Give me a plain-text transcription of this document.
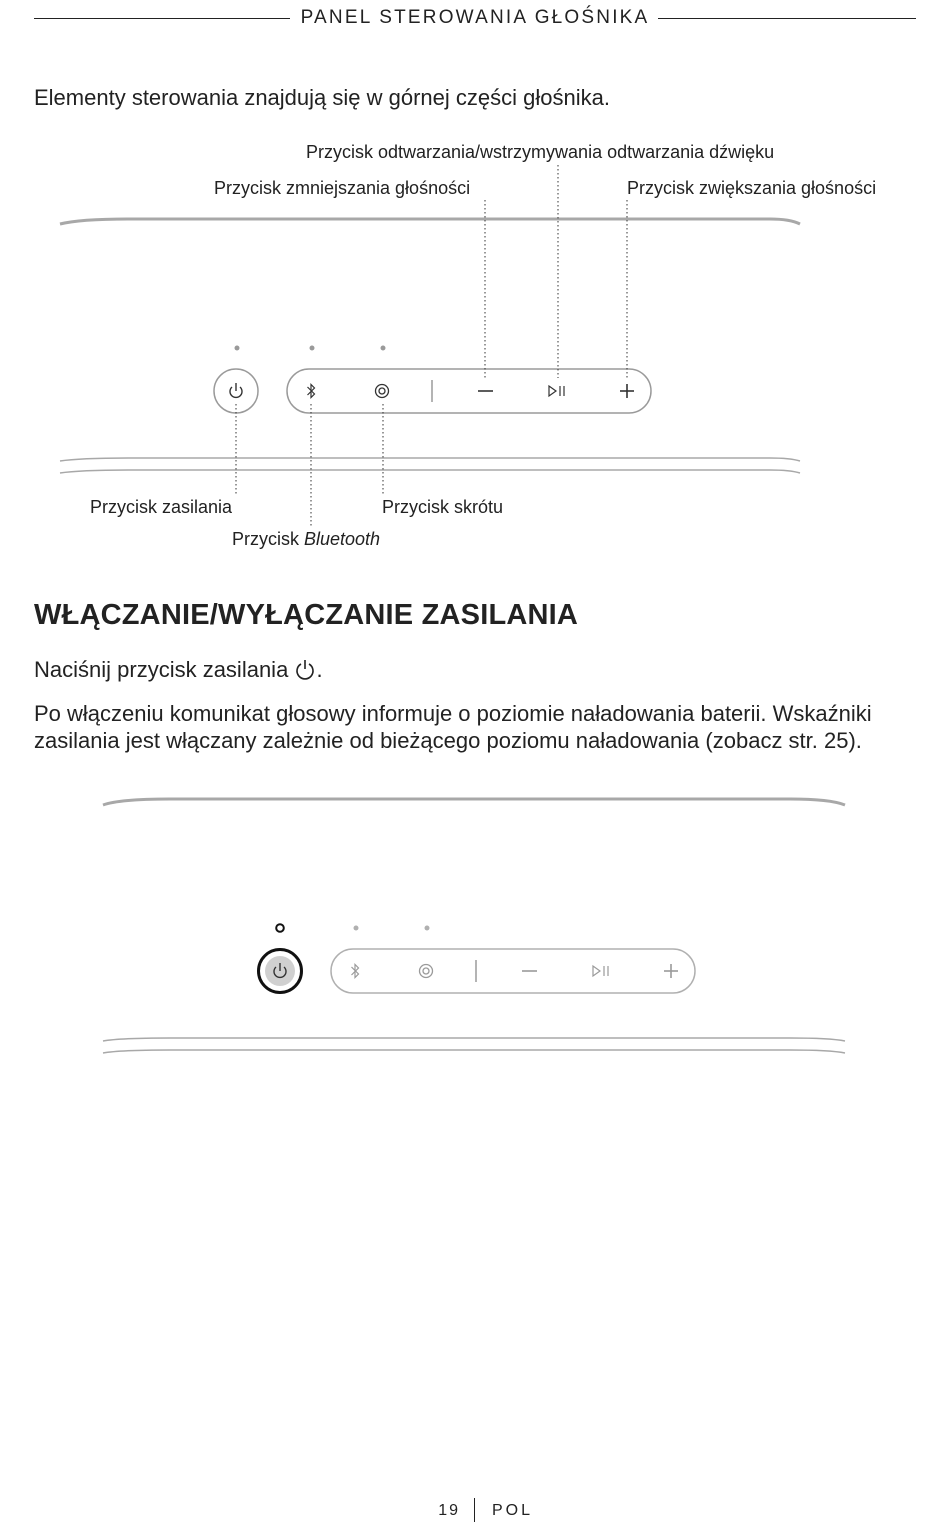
PANEL STEROWANIA GŁOŚNIKA
Elementy sterowania znajdują się w górnej części głośnika.
Przycisk odtwarzania/wstrzymywania odtwarzania dźwięku
Przycisk zmniejszania głośności	Przycisk zwiększania głośności
Przycisk zasilania	Przycisk skrótu
Przycisk Bluetooth
WŁĄCZANIE/WYŁĄCZANIE ZASILANIA
Naciśnij przycisk zasilania .
Po włączeniu komunikat głosowy informuje o poziomie naładowania baterii. Wskaźniki zasilania jest włączany zależnie od bieżącego poziomu naładowania (zobacz str. 25).
19 POL
